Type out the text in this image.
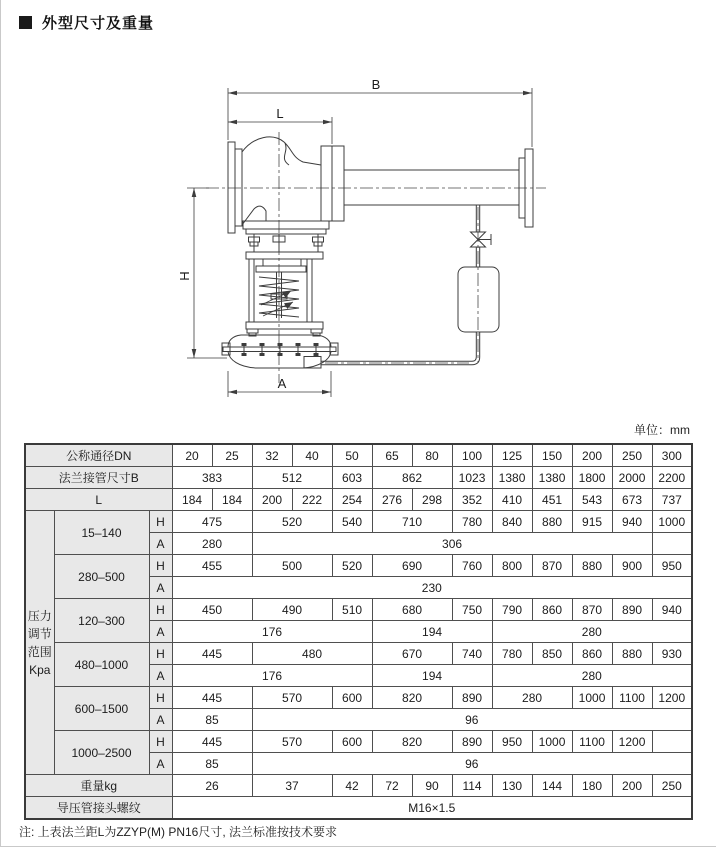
外型尺寸及重量
B
L
H
A
单位：mm
公称通径DN			20	25	32	40	50	65	80	100	125	150	200	250	300
法兰接管尺寸B			383		512		603	862		1023	1380	1380	1800	2000	2200
L			184	184	200	222	254	276	298	352	410	451	543	673	737

压力
调节
范围
Kpa	15–140	H	475		520		540	710		780	840	880	915	940	1000
		A	280		306										
	280–500	H	455		500		520	690		760	800	870	880	900	950
		A	230												
	120–300	H	450		490		510	680		750	790	860	870	890	940
		A	176					194			280				
	480–1000	H	445		480			670		740	780	850	860	880	930
		A	176					194			280				
	600–1500	H	445		570		600	820		890	280		1000	1100	1200
		A	85		96										
	1000–2500	H	445		570		600	820		890	950	1000	1100	1200	
		A	85		96										
重量kg			26		37		42	72	90	114	130	144	180	200	250
导压管接头螺纹			M16×1.5												
注: 上表法兰距L为ZZYP(M) PN16尺寸, 法兰标准按技术要求
